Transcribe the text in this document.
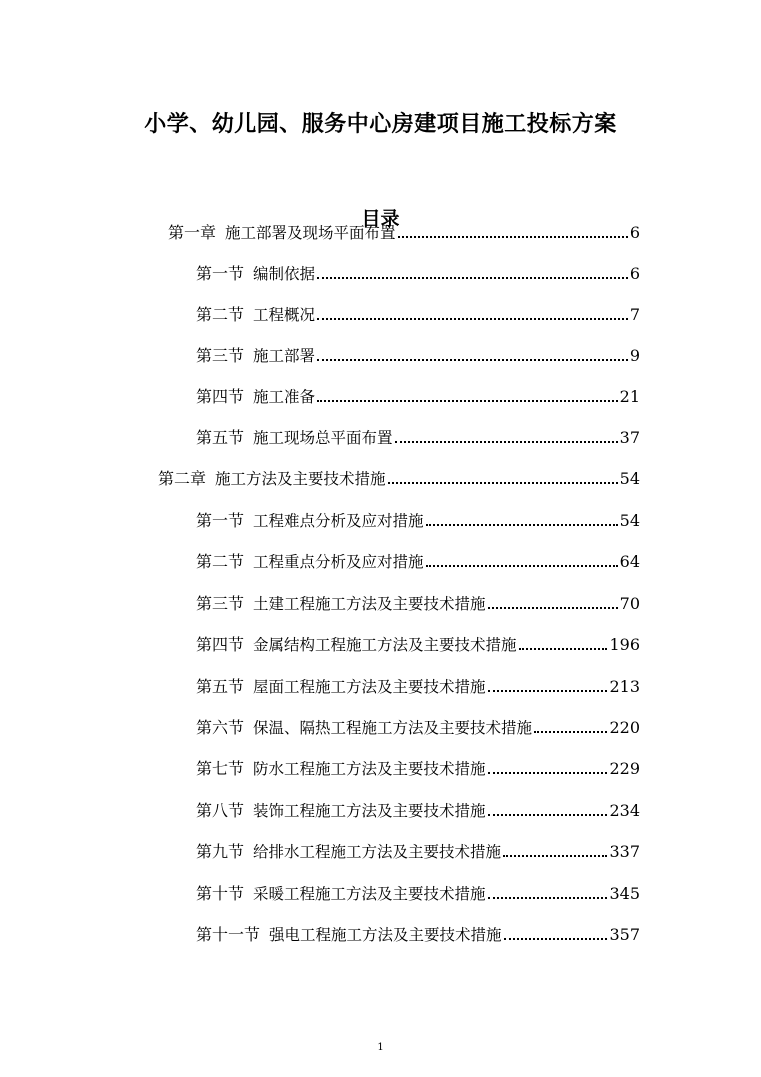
小学、幼儿园、服务中心房建项目施工投标方案
目录
第一章 施工部署及现场平面布置	6
第一节 编制依据	6
第二节 工程概况	7
第三节 施工部署	9
第四节 施工准备	21
第五节 施工现场总平面布置	37
第二章 施工方法及主要技术措施	54
第一节 工程难点分析及应对措施	54
第二节 工程重点分析及应对措施	64
第三节 土建工程施工方法及主要技术措施	70
第四节 金属结构工程施工方法及主要技术措施	196
第五节 屋面工程施工方法及主要技术措施	213
第六节 保温、隔热工程施工方法及主要技术措施	220
第七节 防水工程施工方法及主要技术措施	229
第八节 装饰工程施工方法及主要技术措施	234
第九节 给排水工程施工方法及主要技术措施	337
第十节 采暖工程施工方法及主要技术措施	345
第十一节 强电工程施工方法及主要技术措施	357
1
